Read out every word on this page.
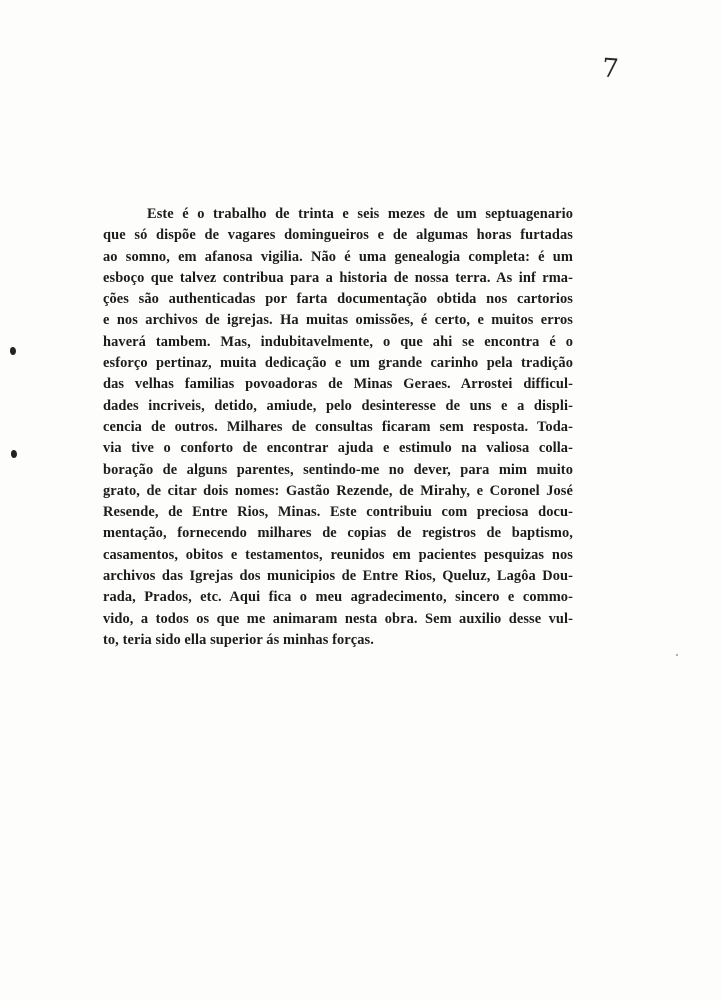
7
Este é o trabalho de trinta e seis mezes de um septuagenario
que só dispõe de vagares domingueiros e de algumas horas furtadas
ao somno, em afanosa vigilia. Não é uma genealogia completa: é um
esboço que talvez contribua para a historia de nossa terra. As inf rma-
ções são authenticadas por farta documentação obtida nos cartorios
e nos archivos de igrejas. Ha muitas omissões, é certo, e muitos erros
haverá tambem. Mas, indubitavelmente, o que ahi se encontra é o
esforço pertinaz, muita dedicação e um grande carinho pela tradição
das velhas familias povoadoras de Minas Geraes. Arrostei difficul-
dades incriveis, detido, amiude, pelo desinteresse de uns e a displi-
cencia de outros. Milhares de consultas ficaram sem resposta. Toda-
via tive o conforto de encontrar ajuda e estimulo na valiosa colla-
boração de alguns parentes, sentindo-me no dever, para mim muito
grato, de citar dois nomes: Gastão Rezende, de Mirahy, e Coronel José
Resende, de Entre Rios, Minas. Este contribuiu com preciosa docu-
mentação, fornecendo milhares de copias de registros de baptismo,
casamentos, obitos e testamentos, reunidos em pacientes pesquizas nos
archivos das Igrejas dos municipios de Entre Rios, Queluz, Lagôa Dou-
rada, Prados, etc. Aqui fica o meu agradecimento, sincero e commo-
vido, a todos os que me animaram nesta obra. Sem auxilio desse vul-
to, teria sido ella superior ás minhas forças.
